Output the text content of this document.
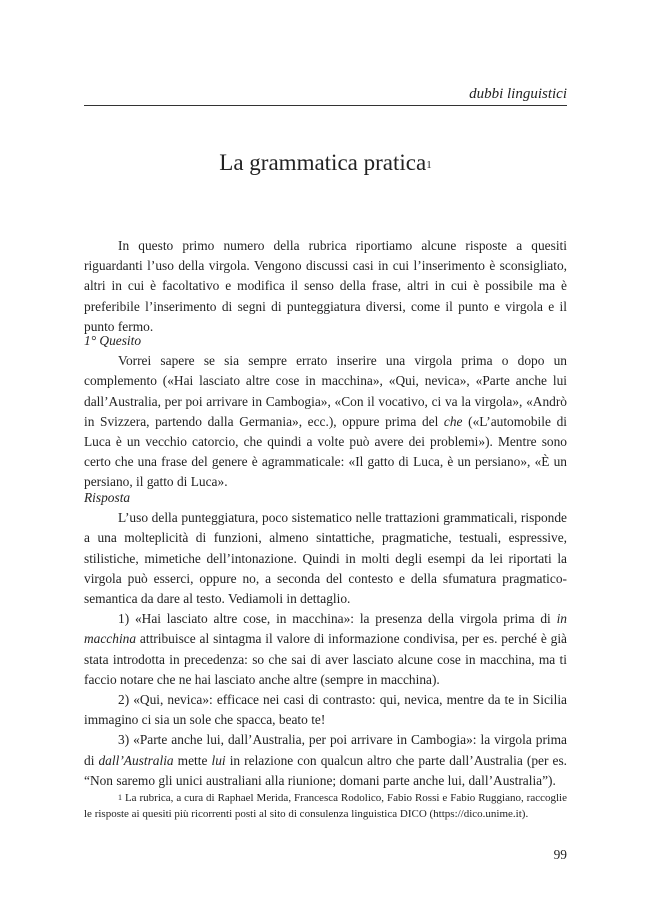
dubbi linguistici
La grammatica pratica$^1$

In questo primo numero della rubrica riportiamo alcune risposte a quesiti riguardanti l’uso della virgola. Vengono discussi casi in cui l’inserimento è sconsigliato, altri in cui è facoltativo e modifica il senso della frase, altri in cui è possibile ma è preferibile l’inserimento di segni di punteggiatura diversi, come il punto e virgola e il punto fermo.

1° Quesito

Vorrei sapere se sia sempre errato inserire una virgola prima o dopo un complemento («Hai lasciato altre cose in macchina», «Qui, nevica», «Parte anche lui dall’Australia, per poi arrivare in Cambogia», «Con il vocativo, ci va la virgola», «Andrò in Svizzera, partendo dalla Germania», ecc.), oppure prima del che («L’automobile di Luca è un vecchio catorcio, che quindi a volte può avere dei problemi»). Mentre sono certo che una frase del genere è agrammaticale: «Il gatto di Luca, è un persiano», «È un persiano, il gatto di Luca».

Risposta

L’uso della punteggiatura, poco sistematico nelle trattazioni grammaticali, risponde a una molteplicità di funzioni, almeno sintattiche, pragmatiche, testuali, espressive, stilistiche, mimetiche dell’intonazione. Quindi in molti degli esempi da lei riportati la virgola può esserci, oppure no, a seconda del contesto e della sfumatura pragmatico-semantica da dare al testo. Vediamoli in dettaglio.

1) «Hai lasciato altre cose, in macchina»: la presenza della virgola prima di in macchina attribuisce al sintagma il valore di informazione condivisa, per es. perché è già stata introdotta in precedenza: so che sai di aver lasciato alcune cose in macchina, ma ti faccio notare che ne hai lasciato anche altre (sempre in macchina).

2) «Qui, nevica»: efficace nei casi di contrasto: qui, nevica, mentre da te in Sicilia immagino ci sia un sole che spacca, beato te!

3) «Parte anche lui, dall’Australia, per poi arrivare in Cambogia»: la virgola prima di dall’Australia mette lui in relazione con qualcun altro che parte dall’Australia (per es. “Non saremo gli unici australiani alla riunione; domani parte anche lui, dall’Australia”).

$^1$ La rubrica, a cura di Raphael Merida, Francesca Rodolico, Fabio Rossi e Fabio Ruggiano, raccoglie le risposte ai quesiti più ricorrenti posti al sito di consulenza linguistica DICO (https://dico.unime.it).

99
